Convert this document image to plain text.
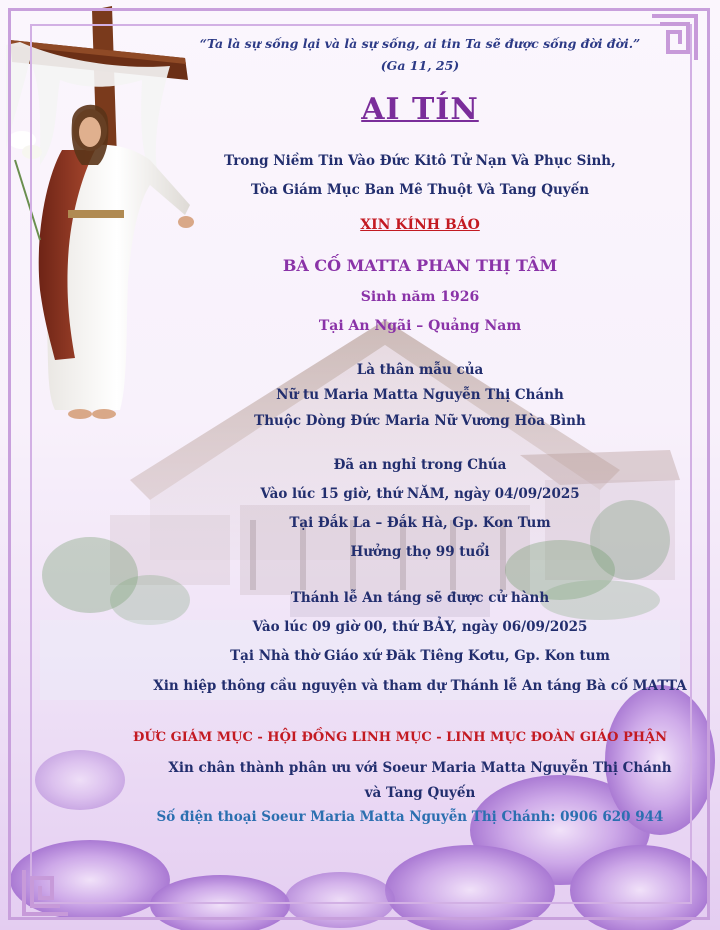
“Ta là sự sống lại và là sự sống, ai tin Ta sẽ được sống đời đời.”
(Ga 11, 25)
AI TÍN
Trong Niềm Tin Vào Đức Kitô Tử Nạn Và Phục Sinh,
Tòa Giám Mục Ban Mê Thuột Và Tang Quyến
XIN KÍNH BÁO
BÀ CỐ MATTA PHAN THỊ TÂM
Sinh năm 1926
Tại An Ngãi – Quảng Nam
Là thân mẫu của
Nữ tu Maria Matta Nguyễn Thị Chánh
Thuộc Dòng Đức Maria Nữ Vương Hòa Bình
Đã an nghỉ trong Chúa
Vào lúc 15 giờ, thứ NĂM, ngày 04/09/2025
Tại Đắk La – Đắk Hà, Gp. Kon Tum
Hưởng thọ 99 tuổi
Thánh lễ An táng sẽ được cử hành
Vào lúc 09 giờ 00, thứ BẢY, ngày 06/09/2025
Tại Nhà thờ Giáo xứ Đăk Tiêng Kơtu, Gp. Kon tum
Xin hiệp thông cầu nguyện và tham dự Thánh lễ An táng Bà cố MATTA
ĐỨC GIÁM MỤC - HỘI ĐỒNG LINH MỤC - LINH MỤC ĐOÀN GIÁO PHẬN
Xin chân thành phân ưu với Soeur Maria Matta Nguyễn Thị Chánh
và Tang Quyến
Số điện thoại Soeur Maria Matta Nguyễn Thị Chánh: 0906 620 944
